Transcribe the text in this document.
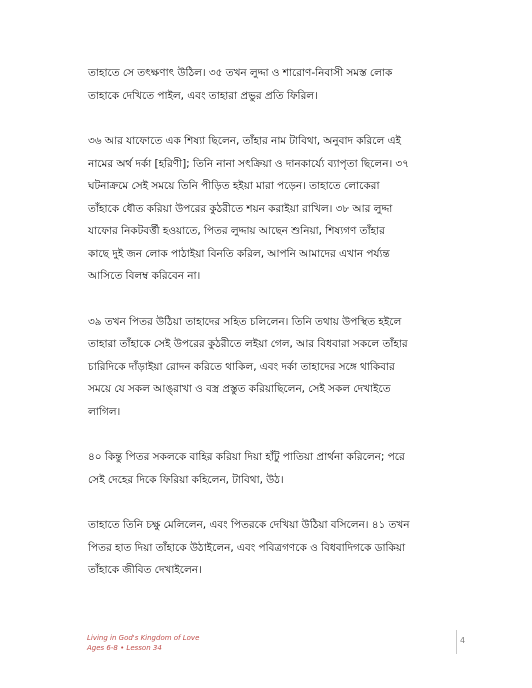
তাহাতে সে তৎক্ষণাৎ উঠিল। ৩৫ তখন লুদ্দা ও শারোণ-নিবাসী সমস্ত লোক
তাহাকে দেখিতে পাইল, এবং তাহারা প্রভুর প্রতি ফিরিল।

৩৬ আর যাফোতে এক শিষ্যা ছিলেন, তাঁহার নাম টাবিথা, অনুবাদ করিলে এই
নামের অর্থ দর্কা [হরিণী]; তিনি নানা সৎক্রিয়া ও দানকার্য্যে ব্যাপৃতা ছিলেন। ৩৭
ঘটনাক্রমে সেই সময়ে তিনি পীড়িত হইয়া মারা পড়েন। তাহাতে লোকেরা
তাঁহাকে ধৌত করিয়া উপরের কুঠরীতে শয়ন করাইয়া রাখিল। ৩৮ আর লুদ্দা
যাফোর নিকটবর্ত্তী হওয়াতে, পিতর লুদ্দায় আছেন শুনিয়া, শিষ্যগণ তাঁহার
কাছে দুই জন লোক পাঠাইয়া বিনতি করিল, আপনি আমাদের এখান পর্য্যন্ত
আসিতে বিলম্ব করিবেন না।

৩৯ তখন পিতর উঠিয়া তাহাদের সহিত চলিলেন। তিনি তথায় উপস্থিত হইলে
তাহারা তাঁহাকে সেই উপরের কুঠরীতে লইয়া গেল, আর বিধবারা সকলে তাঁহার
চারিদিকে দাঁড়াইয়া রোদন করিতে থাকিল, এবং দর্কা তাহাদের সঙ্গে থাকিবার
সময়ে যে সকল আঙ্‌রাখা ও বস্ত্র প্রস্তুত করিয়াছিলেন, সেই সকল দেখাইতে
লাগিল।

৪০ কিন্তু পিতর সকলকে বাহির করিয়া দিয়া হাঁটু পাতিয়া প্রার্থনা করিলেন; পরে
সেই দেহের দিকে ফিরিয়া কহিলেন, টাবিথা, উঠ।

তাহাতে তিনি চক্ষু মেলিলেন, এবং পিতরকে দেখিয়া উঠিয়া বসিলেন। ৪১ তখন
পিতর হাত দিয়া তাঁহাকে উঠাইলেন, এবং পবিত্রগণকে ও বিধবাদিগকে ডাকিয়া
তাঁহাকে জীবিত দেখাইলেন।

Living in God's Kingdom of Love
Ages 6-8 • Lesson 34
4
